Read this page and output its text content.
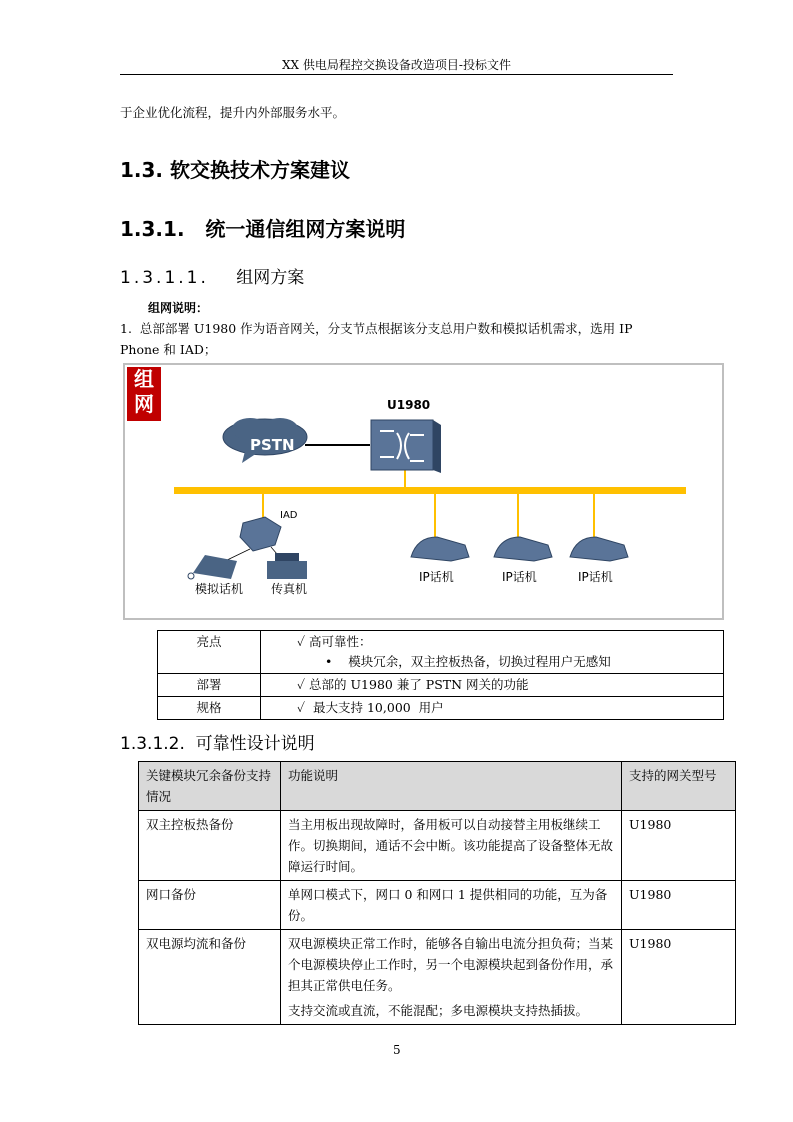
XX 供电局程控交换设备改造项目-投标文件
于企业优化流程，提升内外部服务水平。
1.3. 软交换技术方案建议
1.3.1.   统一通信组网方案说明
1.3.1.1. 组网方案
组网说明：
1.  总部部署 U1980 作为语音网关，分支节点根据该分支总用户数和模拟话机需求，选用 IP
Phone 和 IAD；
组
网
PSTN
U1980
IAD
模拟话机 传真机
IP话机	IP话机	IP话机
亮点	✓ 高可靠性：
•    模块冗余，双主控板热备，切换过程用户无感知

部署	✓ 总部的 U1980 兼了 PSTN 网关的功能

规格	✓  最大支持 10,000  用户
1.3.1.2.  可靠性设计说明
关键模块冗余备份支持情况	功能说明	支持的网关型号
双主控板热备份	当主用板出现故障时，备用板可以自动接替主用板继续工作。切换期间，通话不会中断。该功能提高了设备整体无故障运行时间。	U1980
网口备份	单网口模式下，网口 0 和网口 1 提供相同的功能，互为备份。	U1980
双电源均流和备份	双电源模块正常工作时，能够各自输出电流分担负荷；当某个电源模块停止工作时，另一个电源模块起到备份作用，承担其正常供电任务。
支持交流或直流，不能混配；多电源模块支持热插拔。	U1980
5
